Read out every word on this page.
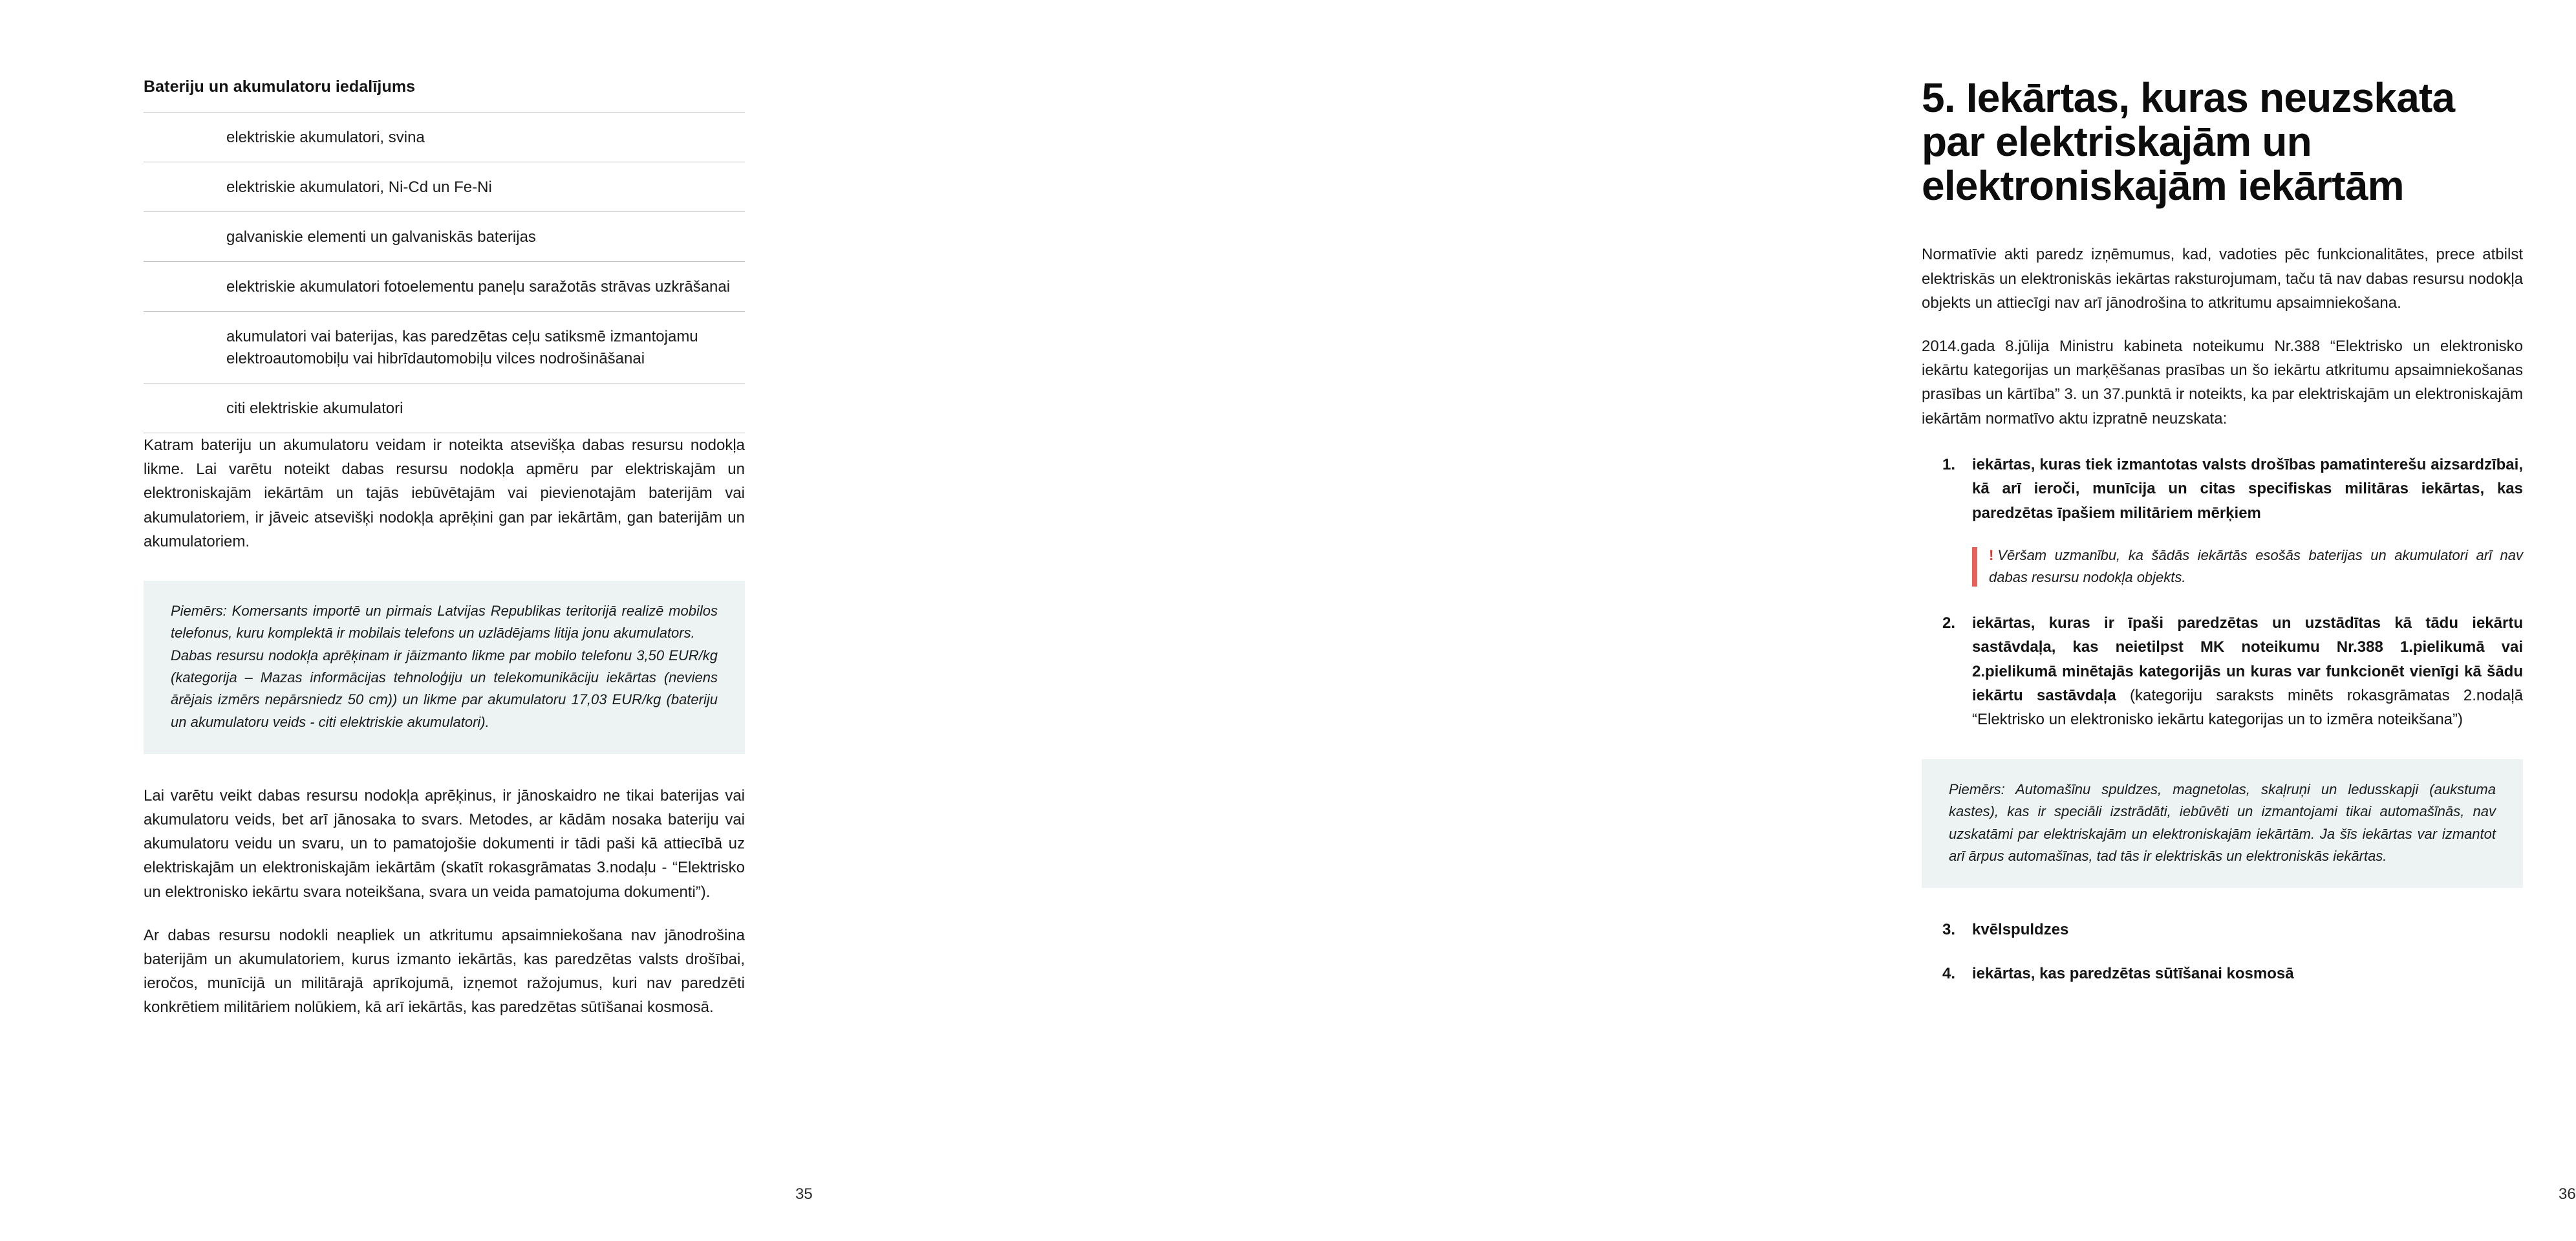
Bateriju un akumulatoru iedalījums
elektriskie akumulatori, svina
elektriskie akumulatori, Ni-Cd un Fe-Ni
galvaniskie elementi un galvaniskās baterijas
elektriskie akumulatori fotoelementu paneļu saražotās strāvas uzkrāšanai
akumulatori vai baterijas, kas paredzētas ceļu satiksmē izmantojamu elektroautomobiļu vai hibrīdautomobiļu vilces nodrošināšanai
citi elektriskie akumulatori

Katram bateriju un akumulatoru veidam ir noteikta atsevišķa dabas resursu nodokļa likme. Lai varētu noteikt dabas resursu nodokļa apmēru par elektriskajām un elektroniskajām iekārtām un tajās iebūvētajām vai pievienotajām baterijām vai akumulatoriem, ir jāveic atsevišķi nodokļa aprēķini gan par iekārtām, gan baterijām un akumulatoriem.

Piemērs: Komersants importē un pirmais Latvijas Republikas teritorijā realizē mobilos telefonus, kuru komplektā ir mobilais telefons un uzlādējams litija jonu akumulators.

Dabas resursu nodokļa aprēķinam ir jāizmanto likme par mobilo telefonu 3,50 EUR/kg (kategorija – Mazas informācijas tehnoloģiju un telekomunikāciju iekārtas (neviens ārējais izmērs nepārsniedz 50 cm)) un likme par akumulatoru 17,03 EUR/kg (bateriju un akumulatoru veids - citi elektriskie akumulatori).

Lai varētu veikt dabas resursu nodokļa aprēķinus, ir jānoskaidro ne tikai baterijas vai akumulatoru veids, bet arī jānosaka to svars. Metodes, ar kādām nosaka bateriju vai akumulatoru veidu un svaru, un to pamatojošie dokumenti ir tādi paši kā attiecībā uz elektriskajām un elektroniskajām iekārtām (skatīt rokasgrāmatas 3.nodaļu - “Elektrisko un elektronisko iekārtu svara noteikšana, svara un veida pamatojuma dokumenti”).

Ar dabas resursu nodokli neapliek un atkritumu apsaimniekošana nav jānodrošina baterijām un akumulatoriem, kurus izmanto iekārtās, kas paredzētas valsts drošībai, ieročos, munīcijā un militārajā aprīkojumā, izņemot ražojumus, kuri nav paredzēti konkrētiem militāriem nolūkiem, kā arī iekārtās, kas paredzētas sūtīšanai kosmosā.

35
5. Iekārtas, kuras neuzskata par elektriskajām un elektroniskajām iekārtām

Normatīvie akti paredz izņēmumus, kad, vadoties pēc funkcionalitātes, prece atbilst elektriskās un elektroniskās iekārtas raksturojumam, taču tā nav dabas resursu nodokļa objekts un attiecīgi nav arī jānodrošina to atkritumu apsaimniekošana.

2014.gada 8.jūlija Ministru kabineta noteikumu Nr.388 “Elektrisko un elektronisko iekārtu kategorijas un marķēšanas prasības un šo iekārtu atkritumu apsaimniekošanas prasības un kārtība” 3. un 37.punktā ir noteikts, ka par elektriskajām un elektroniskajām iekārtām normatīvo aktu izpratnē neuzskata:

iekārtas, kuras tiek izmantotas valsts drošības pamatinterešu aizsardzībai, kā arī ieroči, munīcija un citas specifiskas militāras iekārtas, kas paredzētas īpašiem militāriem mērķiem
! Vēršam uzmanību, ka šādās iekārtās esošās baterijas un akumulatori arī nav dabas resursu nodokļa objekts.
iekārtas, kuras ir īpaši paredzētas un uzstādītas kā tādu iekārtu sastāvdaļa, kas neietilpst MK noteikumu Nr.388 1.pielikumā vai 2.pielikumā minētajās kategorijās un kuras var funkcionēt vienīgi kā šādu iekārtu sastāvdaļa (kategoriju saraksts minēts rokasgrāmatas 2.nodaļā “Elektrisko un elektronisko iekārtu kategorijas un to izmēra noteikšana”)

Piemērs: Automašīnu spuldzes, magnetolas, skaļruņi un ledusskapji (aukstuma kastes), kas ir speciāli izstrādāti, iebūvēti un izmantojami tikai automašīnās, nav uzskatāmi par elektriskajām un elektroniskajām iekārtām. Ja šīs iekārtas var izmantot arī ārpus automašīnas, tad tās ir elektriskās un elektroniskās iekārtas.

kvēlspuldzes
iekārtas, kas paredzētas sūtīšanai kosmosā
36
